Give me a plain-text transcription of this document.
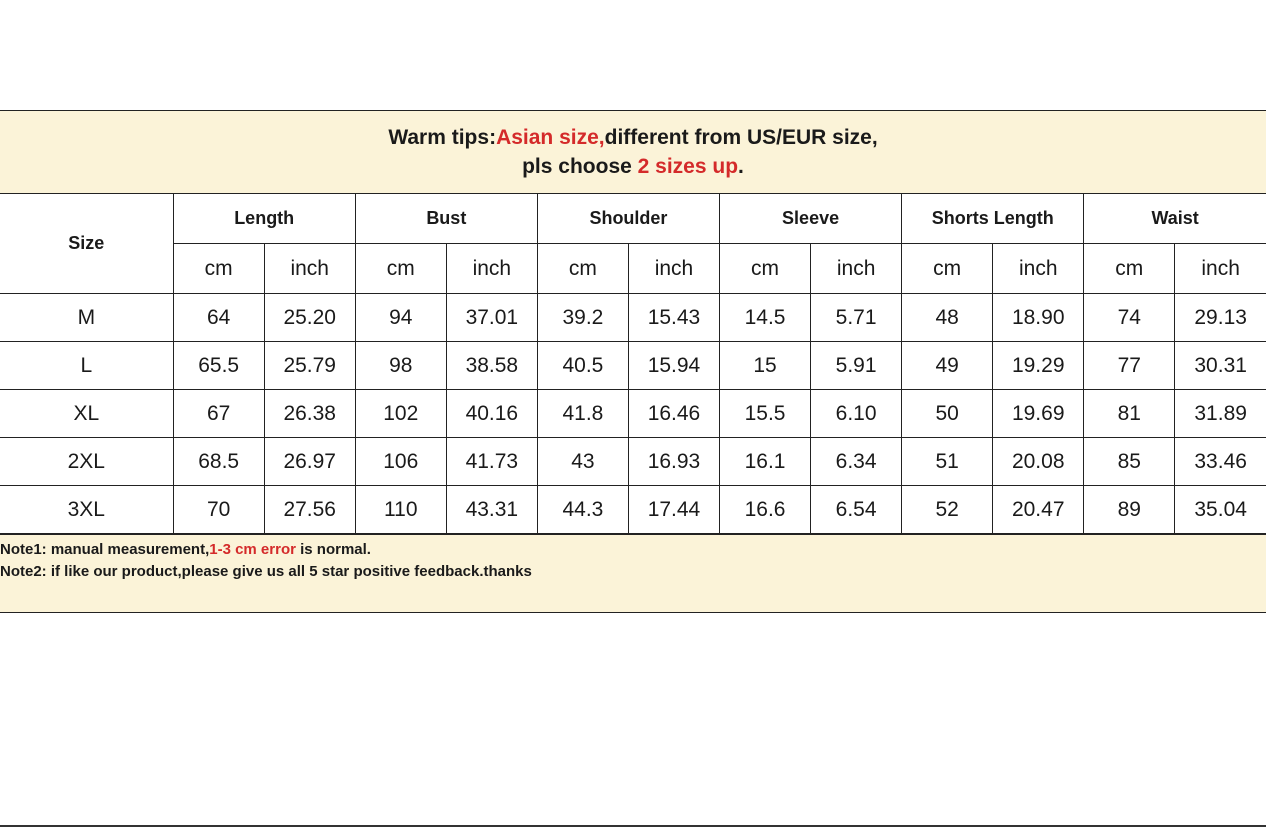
Warm tips:Asian size,different from US/EUR size,
pls choose 2 sizes up.
Size	Length		Bust		Shoulder		Sleeve		Shorts Length		Waist	
	cm	inch	cm	inch	cm	inch	cm	inch	cm	inch	cm	inch
M	64	25.20	94	37.01	39.2	15.43	14.5	5.71	48	18.90	74	29.13
L	65.5	25.79	98	38.58	40.5	15.94	15	5.91	49	19.29	77	30.31
XL	67	26.38	102	40.16	41.8	16.46	15.5	6.10	50	19.69	81	31.89
2XL	68.5	26.97	106	41.73	43	16.93	16.1	6.34	51	20.08	85	33.46
3XL	70	27.56	110	43.31	44.3	17.44	16.6	6.54	52	20.47	89	35.04
Note1: manual measurement,1-3 cm error is normal.
Note2: if like our product,please give us all 5 star positive feedback.thanks
